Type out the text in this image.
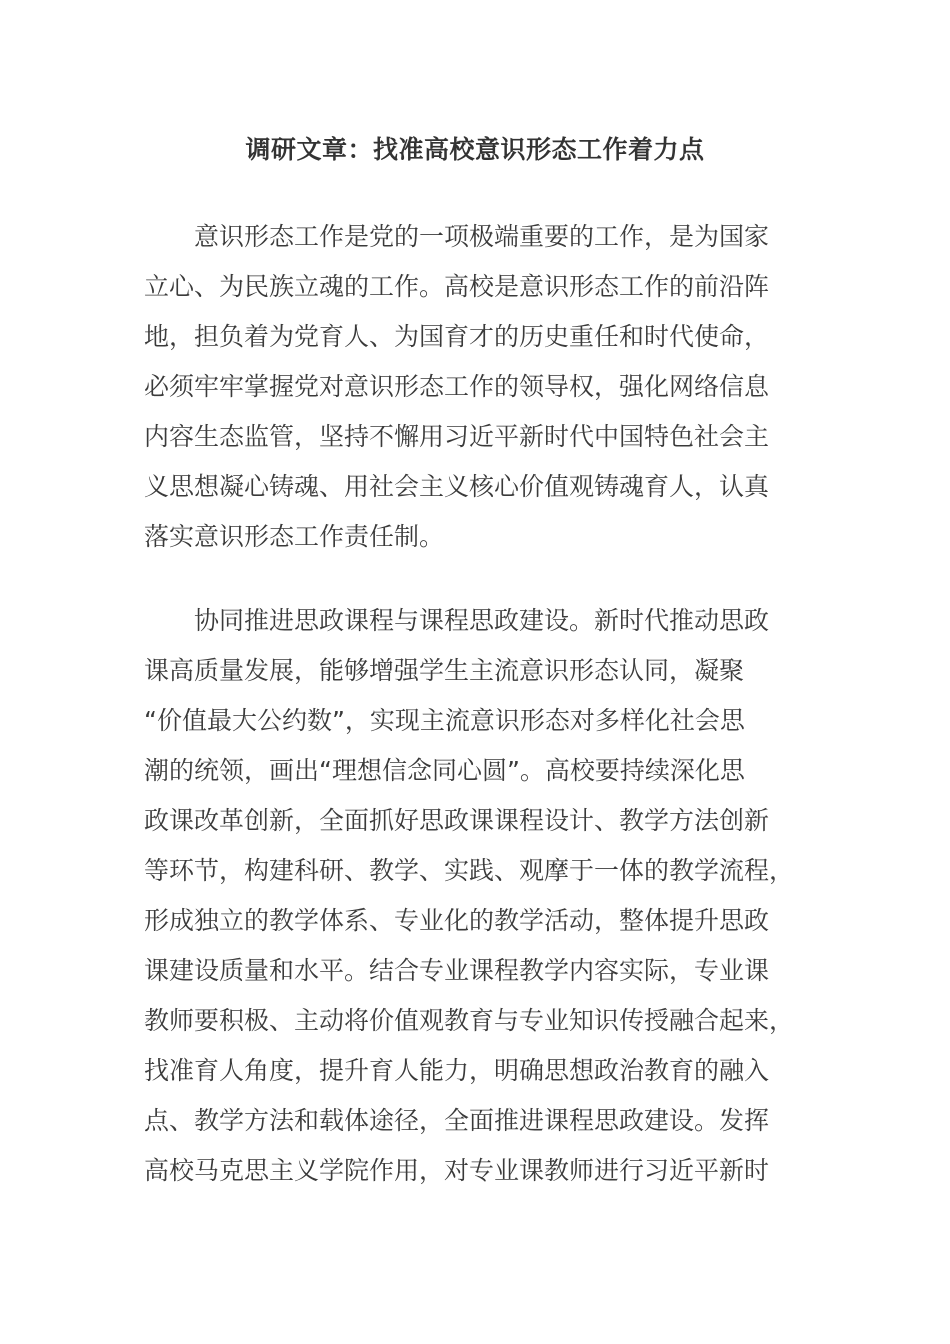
调研文章：找准高校意识形态工作着力点
意识形态工作是党的一项极端重要的工作，是为国家
立心、为民族立魂的工作。高校是意识形态工作的前沿阵
地，担负着为党育人、为国育才的历史重任和时代使命，
必须牢牢掌握党对意识形态工作的领导权，强化网络信息
内容生态监管，坚持不懈用习近平新时代中国特色社会主
义思想凝心铸魂、用社会主义核心价值观铸魂育人，认真
落实意识形态工作责任制。
协同推进思政课程与课程思政建设。新时代推动思政
课高质量发展，能够增强学生主流意识形态认同，凝聚
“价值最大公约数”，实现主流意识形态对多样化社会思
潮的统领，画出“理想信念同心圆”。高校要持续深化思
政课改革创新，全面抓好思政课课程设计、教学方法创新
等环节，构建科研、教学、实践、观摩于一体的教学流程，
形成独立的教学体系、专业化的教学活动，整体提升思政
课建设质量和水平。结合专业课程教学内容实际，专业课
教师要积极、主动将价值观教育与专业知识传授融合起来，
找准育人角度，提升育人能力，明确思想政治教育的融入
点、教学方法和载体途径，全面推进课程思政建设。发挥
高校马克思主义学院作用，对专业课教师进行习近平新时
